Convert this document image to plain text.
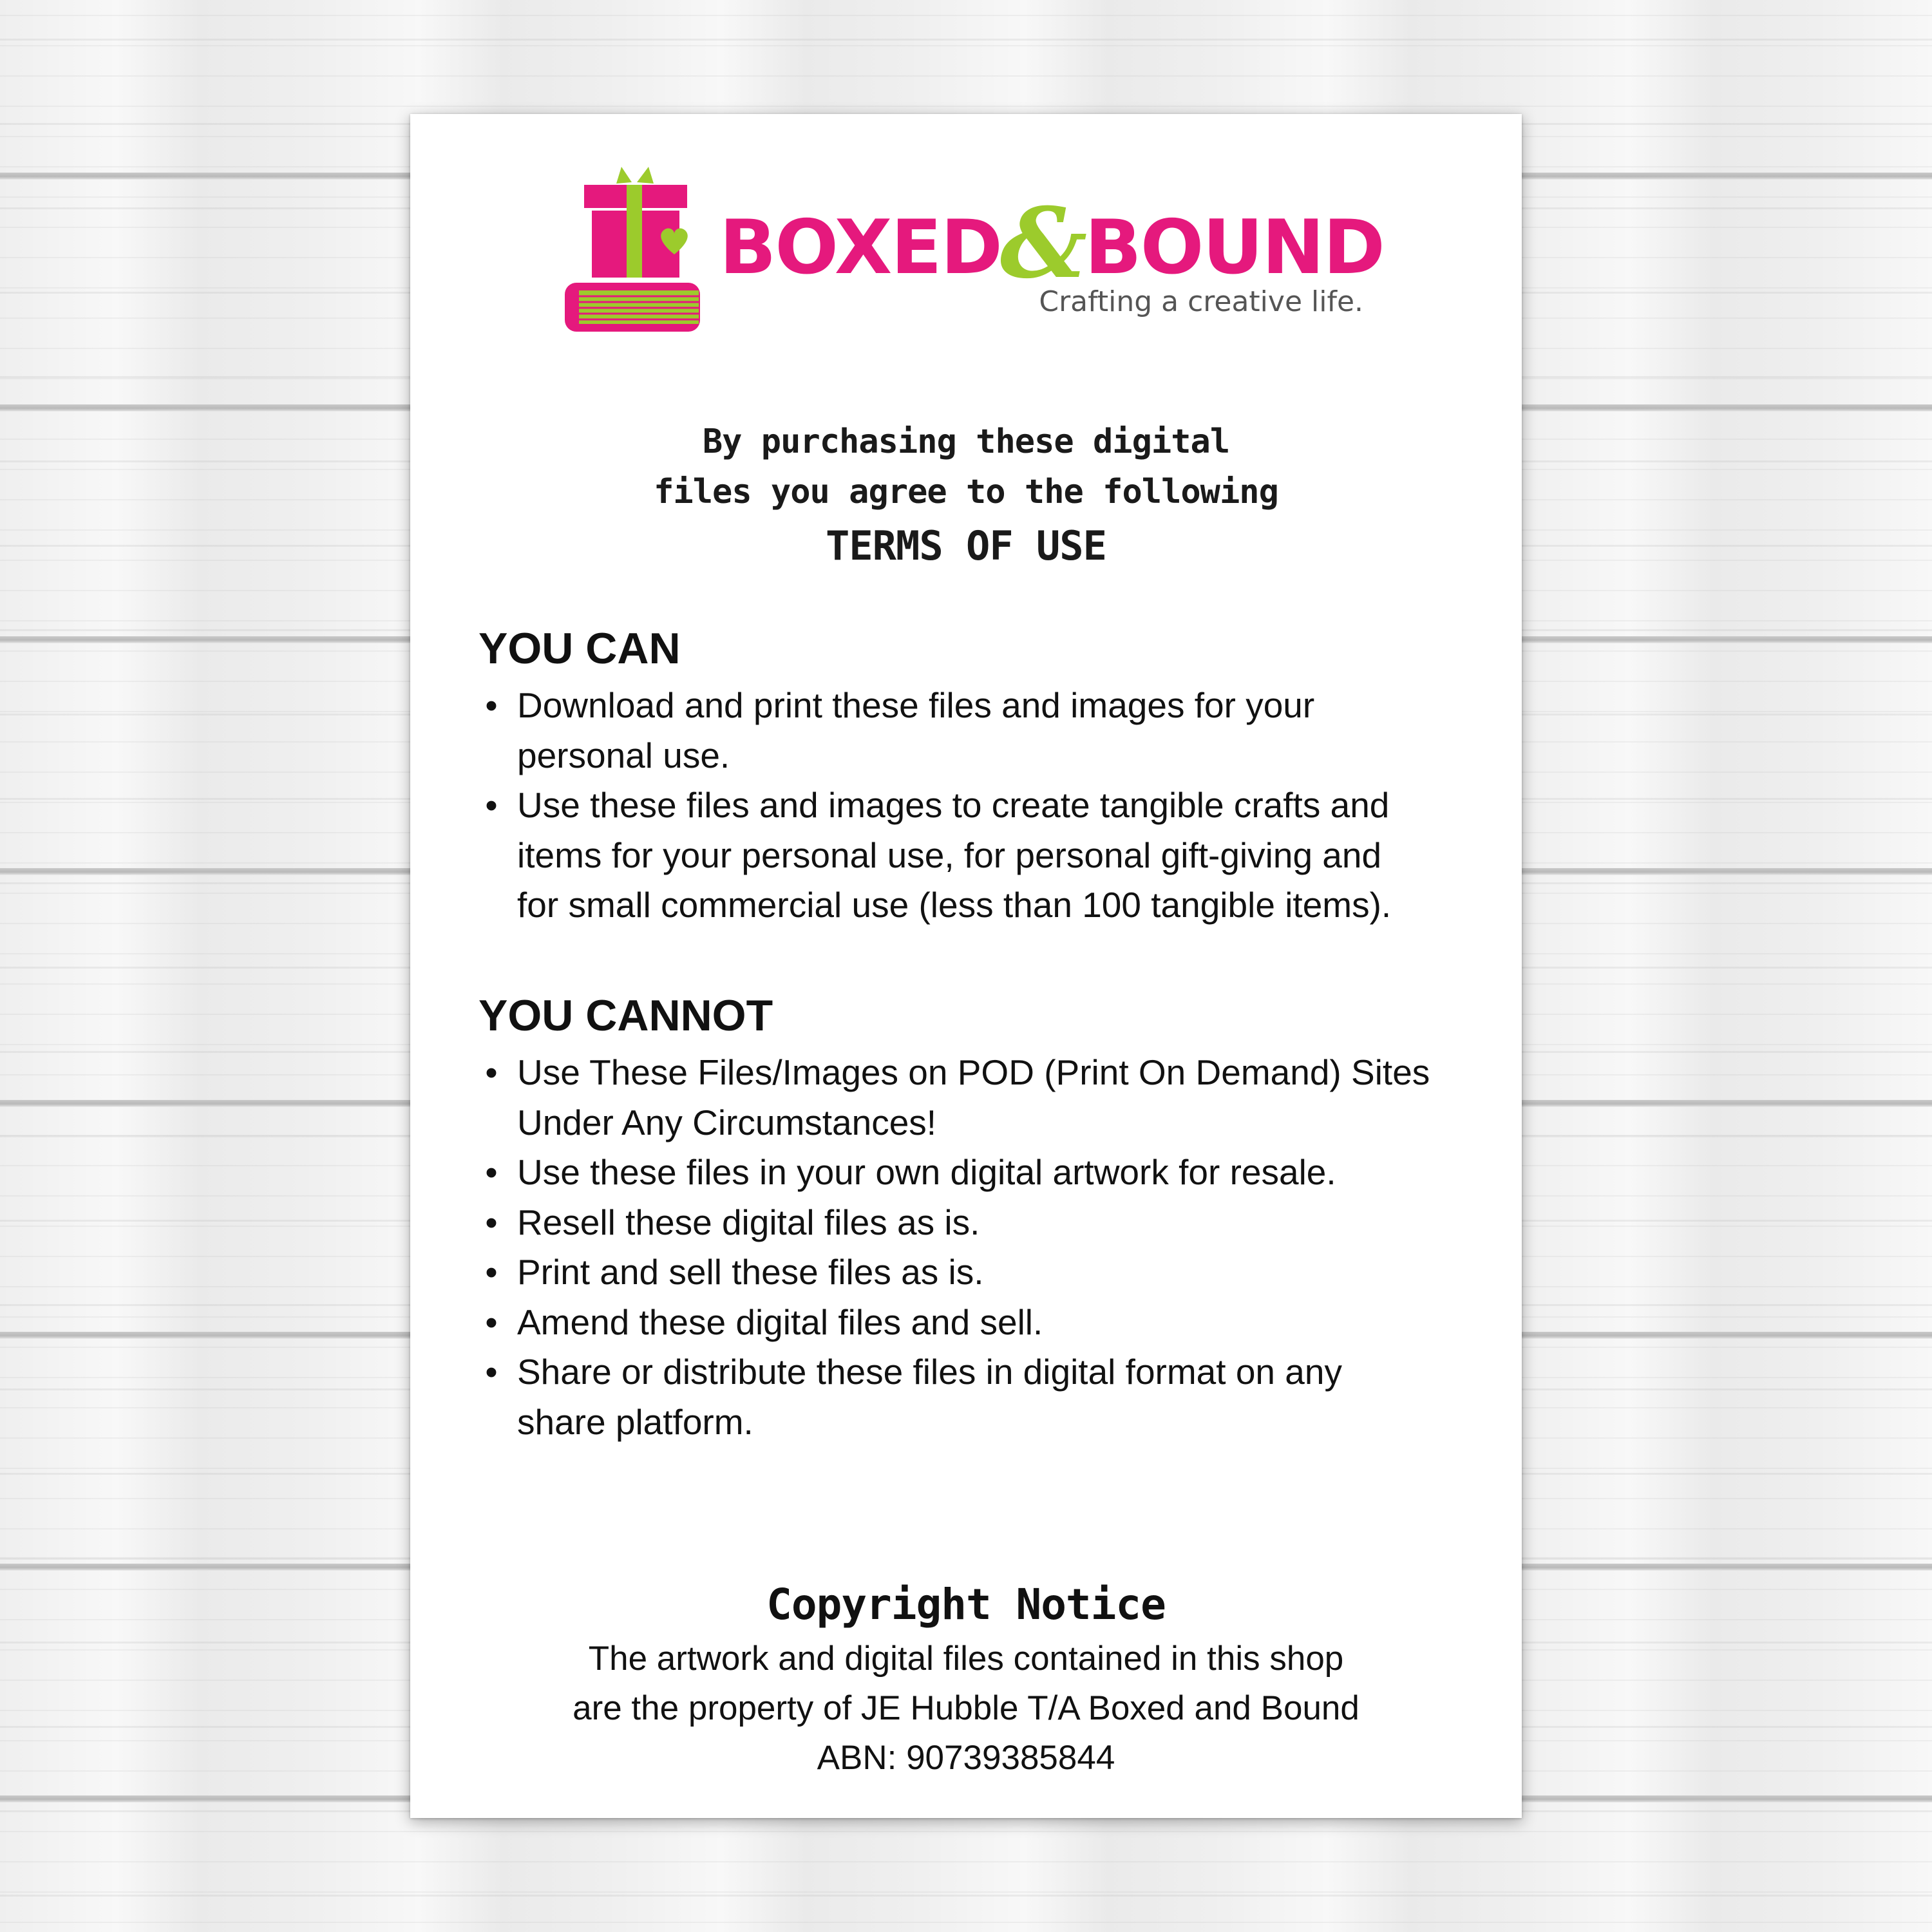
BOXED&BOUND
Crafting a creative life.
By purchasing these digital
files you agree to the following
TERMS OF USE
YOU CAN
• Download and print these files and images for your
personal use.
• Use these files and images to create tangible crafts and
items for your personal use, for personal gift-giving and
for small commercial use (less than 100 tangible items).
YOU CANNOT
• Use These Files/Images on POD (Print On Demand) Sites
Under Any Circumstances!
• Use these files in your own digital artwork for resale.
• Resell these digital files as is.
• Print and sell these files as is.
• Amend these digital files and sell.
• Share or distribute these files in digital format on any
share platform.
Copyright Notice
The artwork and digital files contained in this shop
are the property of JE Hubble T/A Boxed and Bound
ABN: 90739385844
